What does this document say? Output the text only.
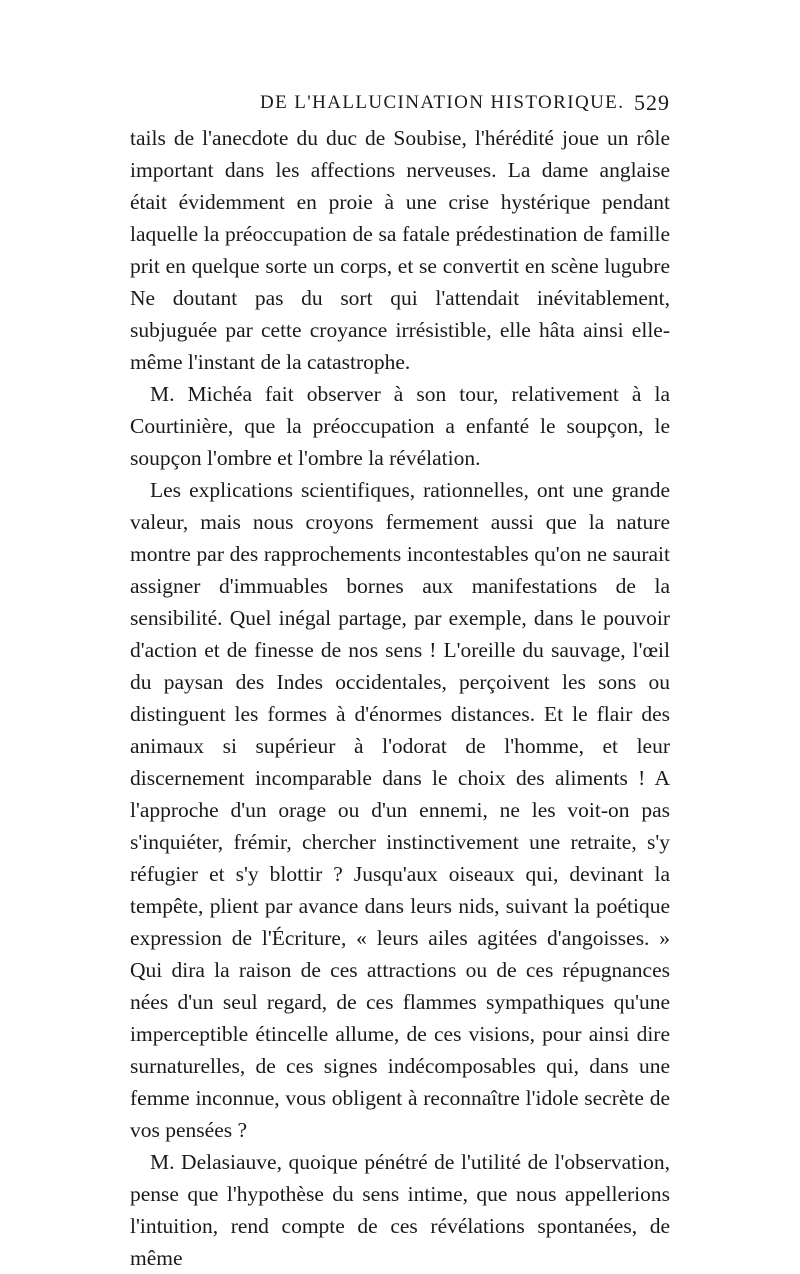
DE L'HALLUCINATION HISTORIQUE. 529

tails de l'anecdote du duc de Soubise, l'hérédité joue un rôle important dans les affections nerveuses. La dame anglaise était évidemment en proie à une crise hystérique pendant laquelle la préoccupation de sa fatale prédestination de famille prit en quelque sorte un corps, et se convertit en scène lugubre Ne doutant pas du sort qui l'attendait inévitablement, subjuguée par cette croyance irrésistible, elle hâta ainsi elle-même l'instant de la catastrophe.

M. Michéa fait observer à son tour, relativement à la Courtinière, que la préoccupation a enfanté le soupçon, le soupçon l'ombre et l'ombre la révélation.

Les explications scientifiques, rationnelles, ont une grande valeur, mais nous croyons fermement aussi que la nature montre par des rapprochements incontestables qu'on ne saurait assigner d'immuables bornes aux manifestations de la sensibilité. Quel inégal partage, par exemple, dans le pouvoir d'action et de finesse de nos sens ! L'oreille du sauvage, l'œil du paysan des Indes occidentales, perçoivent les sons ou distinguent les formes à d'énormes distances. Et le flair des animaux si supérieur à l'odorat de l'homme, et leur discernement incomparable dans le choix des aliments ! A l'approche d'un orage ou d'un ennemi, ne les voit-on pas s'inquiéter, frémir, chercher instinctivement une retraite, s'y réfugier et s'y blottir ? Jusqu'aux oiseaux qui, devinant la tempête, plient par avance dans leurs nids, suivant la poétique expression de l'Écriture, « leurs ailes agitées d'angoisses. » Qui dira la raison de ces attractions ou de ces répugnances nées d'un seul regard, de ces flammes sympathiques qu'une imperceptible étincelle allume, de ces visions, pour ainsi dire surnaturelles, de ces signes indécomposables qui, dans une femme inconnue, vous obligent à reconnaître l'idole secrète de vos pensées ?

M. Delasiauve, quoique pénétré de l'utilité de l'observation, pense que l'hypothèse du sens intime, que nous appellerions l'intuition, rend compte de ces révélations spontanées, de même
